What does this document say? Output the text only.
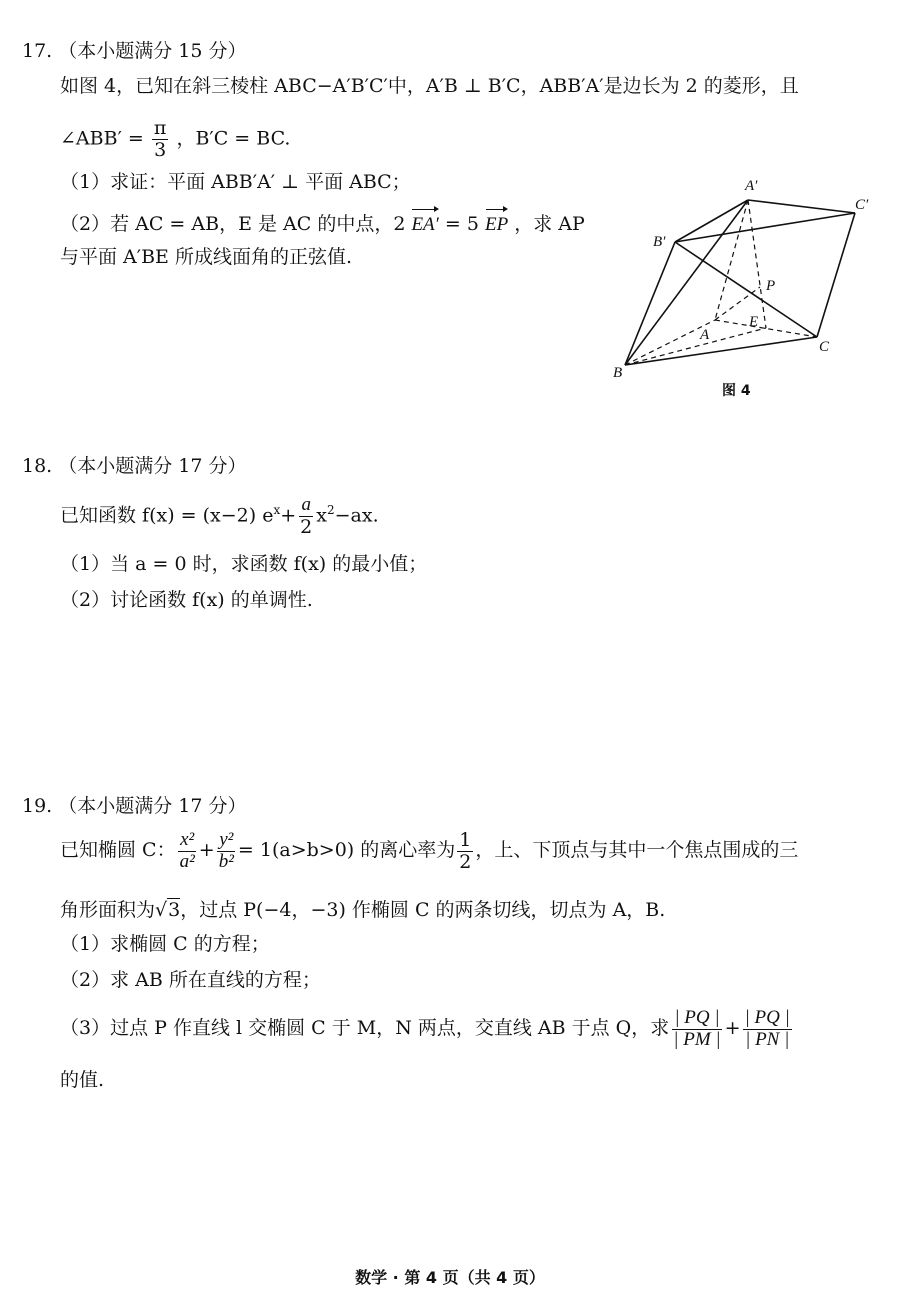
17. （本小题满分 15 分）
如图 4，已知在斜三棱柱 ABC−A′B′C′中，A′B ⊥ B′C，ABB′A′是边长为 2 的菱形，且
∠ABB′ = $\frac{\pi}{3}$ ，B′C = BC.
（1）求证：平面 ABB′A′ ⊥ 平面 ABC；
（2）若 AC = AB，E 是 AC 的中点，2 EA′ = 5 EP ，求 AP
与平面 A′BE 所成线面角的正弦值.
A′
B′
C′
A
B
C
P
E
图 4
18. （本小题满分 17 分）
已知函数 f(x) = (x−2) $e^x+ \frac{a}{2} x^2-ax$.
（1）当 a = 0 时，求函数 f(x) 的最小值；
（2）讨论函数 f(x) 的单调性.
19. （本小题满分 17 分）
已知椭圆 C： $\frac{\text{x²}}{\text{a²}} + \frac{\text{y²}}{\text{b²}} = 1(a>b>0)$ 的离心率为 $\frac{1}{2}$ ，上、下顶点与其中一个焦点围成的三
角形面积为√3，过点 P(−4，−3) 作椭圆 C 的两条切线，切点为 A，B.
（1）求椭圆 C 的方程；
（2）求 AB 所在直线的方程；
（3）过点 P 作直线 l 交椭圆 C 于 M，N 两点，交直线 AB 于点 Q，求 $\frac{| PQ |}{| PM |} + \frac{| PQ |}{| PN |}$
的值.
数学 · 第 4 页（共 4 页）
